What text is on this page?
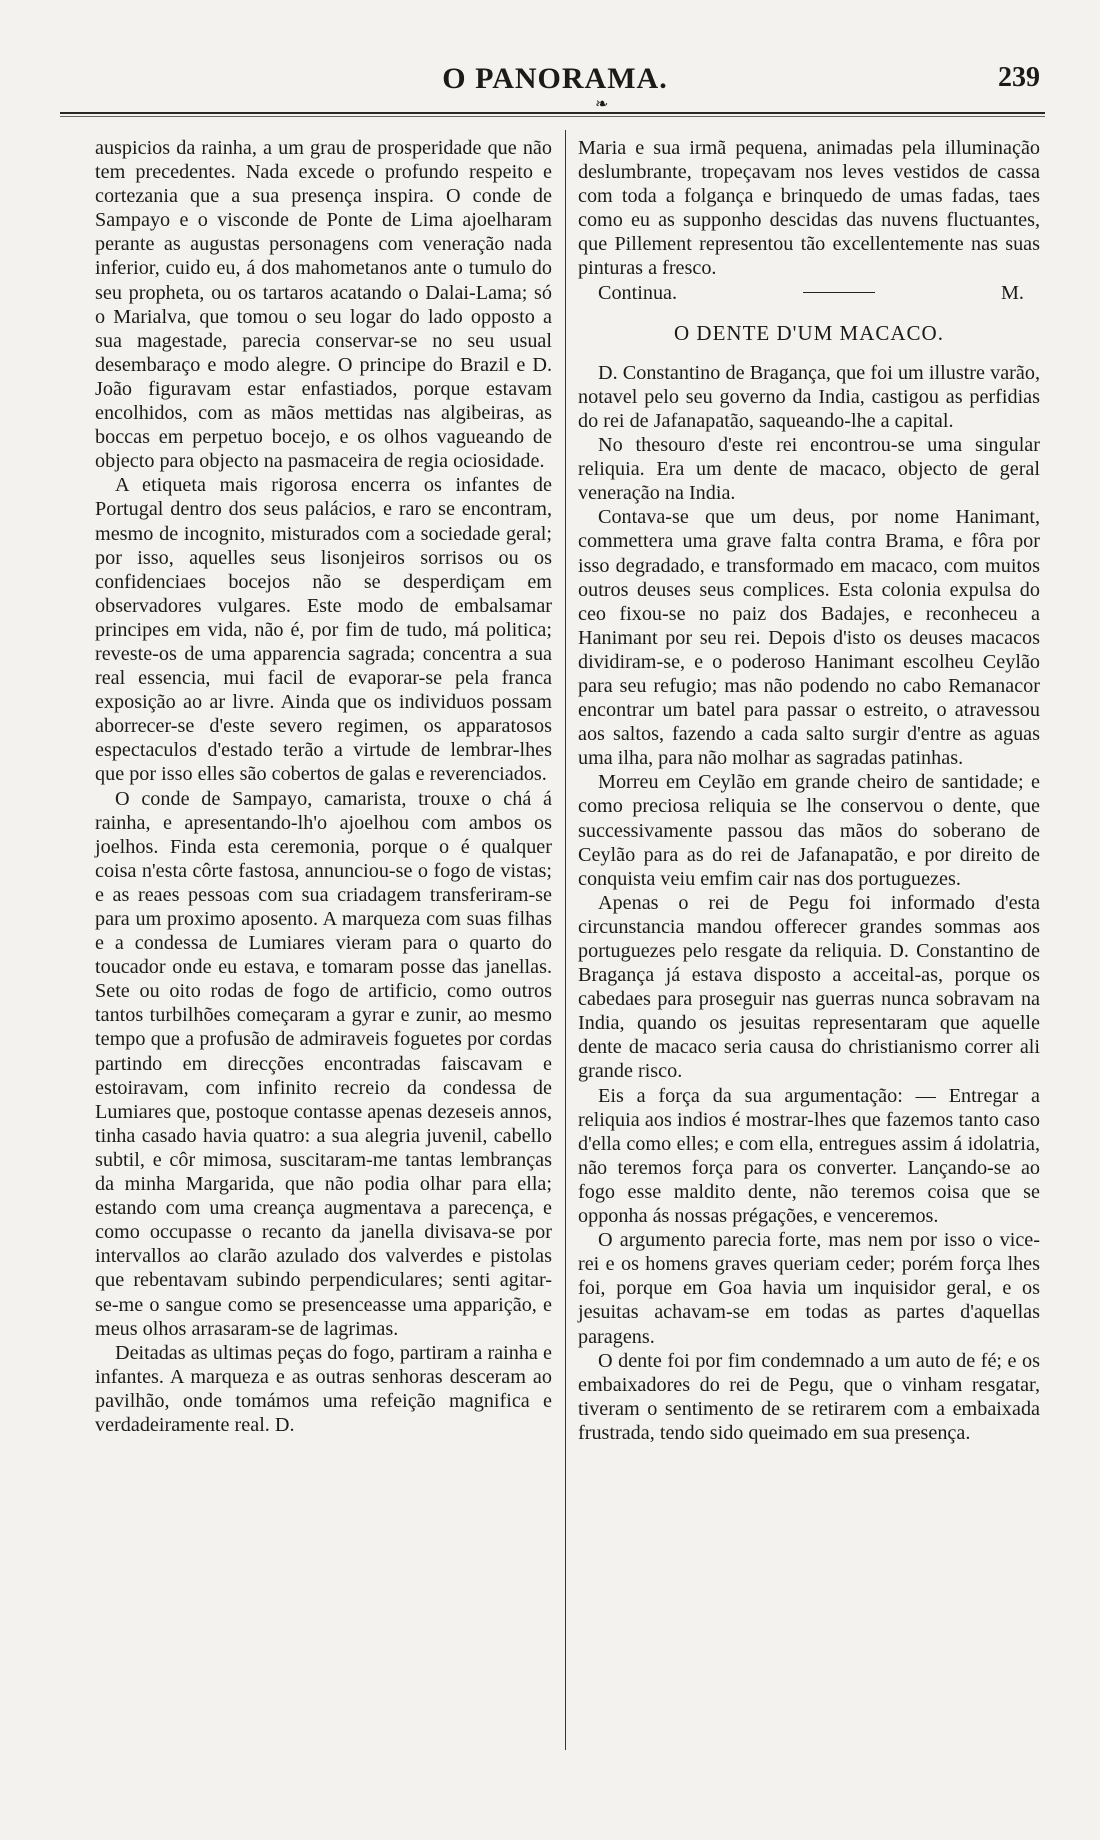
O PANORAMA.	239
❧

auspicios da rainha, a um grau de prosperidade que não tem precedentes. Nada excede o profundo respeito e cortezania que a sua presença inspira. O conde de Sampayo e o visconde de Ponte de Lima ajoelharam perante as augustas personagens com veneração nada inferior, cuido eu, á dos mahometanos ante o tumulo do seu propheta, ou os tartaros acatando o Dalai-Lama; só o Marialva, que tomou o seu logar do lado opposto a sua magestade, parecia conservar-se no seu usual desembaraço e modo alegre. O principe do Brazil e D. João figuravam estar enfastiados, porque estavam encolhidos, com as mãos mettidas nas algibeiras, as boccas em perpetuo bocejo, e os olhos vagueando de objecto para objecto na pasmaceira de regia ociosidade.

A etiqueta mais rigorosa encerra os infantes de Portugal dentro dos seus palácios, e raro se encontram, mesmo de incognito, misturados com a sociedade geral; por isso, aquelles seus lisonjeiros sorrisos ou os confidenciaes bocejos não se desperdiçam em observadores vulgares. Este modo de embalsamar principes em vida, não é, por fim de tudo, má politica; reveste-os de uma apparencia sagrada; concentra a sua real essencia, mui facil de evaporar-se pela franca exposição ao ar livre. Ainda que os individuos possam aborrecer-se d'este severo regimen, os apparatosos espectaculos d'estado terão a virtude de lembrar-lhes que por isso elles são cobertos de galas e reverenciados.

O conde de Sampayo, camarista, trouxe o chá á rainha, e apresentando-lh'o ajoelhou com ambos os joelhos. Finda esta ceremonia, porque o é qualquer coisa n'esta côrte fastosa, annunciou-se o fogo de vistas; e as reaes pessoas com sua criadagem transferiram-se para um proximo aposento. A marqueza com suas filhas e a condessa de Lumiares vieram para o quarto do toucador onde eu estava, e tomaram posse das janellas. Sete ou oito rodas de fogo de artificio, como outros tantos turbilhões começaram a gyrar e zunir, ao mesmo tempo que a profusão de admiraveis foguetes por cordas partindo em direcções encontradas faiscavam e estoiravam, com infinito recreio da condessa de Lumiares que, postoque contasse apenas dezeseis annos, tinha casado havia quatro: a sua alegria juvenil, cabello subtil, e côr mimosa, suscitaram-me tantas lembranças da minha Margarida, que não podia olhar para ella; estando com uma creança augmentava a parecença, e como occupasse o recanto da janella divisava-se por intervallos ao clarão azulado dos valverdes e pistolas que rebentavam subindo perpendiculares; senti agitar-se-me o sangue como se presenceasse uma apparição, e meus olhos arrasaram-se de lagrimas.

Deitadas as ultimas peças do fogo, partiram a rainha e infantes. A marqueza e as outras senhoras desceram ao pavilhão, onde tomámos uma refeição magnifica e verdadeiramente real. D.

Maria e sua irmã pequena, animadas pela illuminação deslumbrante, tropeçavam nos leves vestidos de cassa com toda a folgança e brinquedo de umas fadas, taes como eu as supponho descidas das nuvens fluctuantes, que Pillement representou tão excellentemente nas suas pinturas a fresco.

Continua.	M.

O DENTE D'UM MACACO.

D. Constantino de Bragança, que foi um illustre varão, notavel pelo seu governo da India, castigou as perfidias do rei de Jafanapatão, saqueando-lhe a capital.

No thesouro d'este rei encontrou-se uma singular reliquia. Era um dente de macaco, objecto de geral veneração na India.

Contava-se que um deus, por nome Hanimant, commettera uma grave falta contra Brama, e fôra por isso degradado, e transformado em macaco, com muitos outros deuses seus complices. Esta colonia expulsa do ceo fixou-se no paiz dos Badajes, e reconheceu a Hanimant por seu rei. Depois d'isto os deuses macacos dividiram-se, e o poderoso Hanimant escolheu Ceylão para seu refugio; mas não podendo no cabo Remanacor encontrar um batel para passar o estreito, o atravessou aos saltos, fazendo a cada salto surgir d'entre as aguas uma ilha, para não molhar as sagradas patinhas.

Morreu em Ceylão em grande cheiro de santidade; e como preciosa reliquia se lhe conservou o dente, que successivamente passou das mãos do soberano de Ceylão para as do rei de Jafanapatão, e por direito de conquista veiu emfim cair nas dos portuguezes.

Apenas o rei de Pegu foi informado d'esta circunstancia mandou offerecer grandes sommas aos portuguezes pelo resgate da reliquia. D. Constantino de Bragança já estava disposto a acceital-as, porque os cabedaes para proseguir nas guerras nunca sobravam na India, quando os jesuitas representaram que aquelle dente de macaco seria causa do christianismo correr ali grande risco.

Eis a força da sua argumentação: — Entregar a reliquia aos indios é mostrar-lhes que fazemos tanto caso d'ella como elles; e com ella, entregues assim á idolatria, não teremos força para os converter. Lançando-se ao fogo esse maldito dente, não teremos coisa que se opponha ás nossas prégações, e venceremos.

O argumento parecia forte, mas nem por isso o vice-rei e os homens graves queriam ceder; porém força lhes foi, porque em Goa havia um inquisidor geral, e os jesuitas achavam-se em todas as partes d'aquellas paragens.

O dente foi por fim condemnado a um auto de fé; e os embaixadores do rei de Pegu, que o vinham resgatar, tiveram o sentimento de se retirarem com a embaixada frustrada, tendo sido queimado em sua presença.
